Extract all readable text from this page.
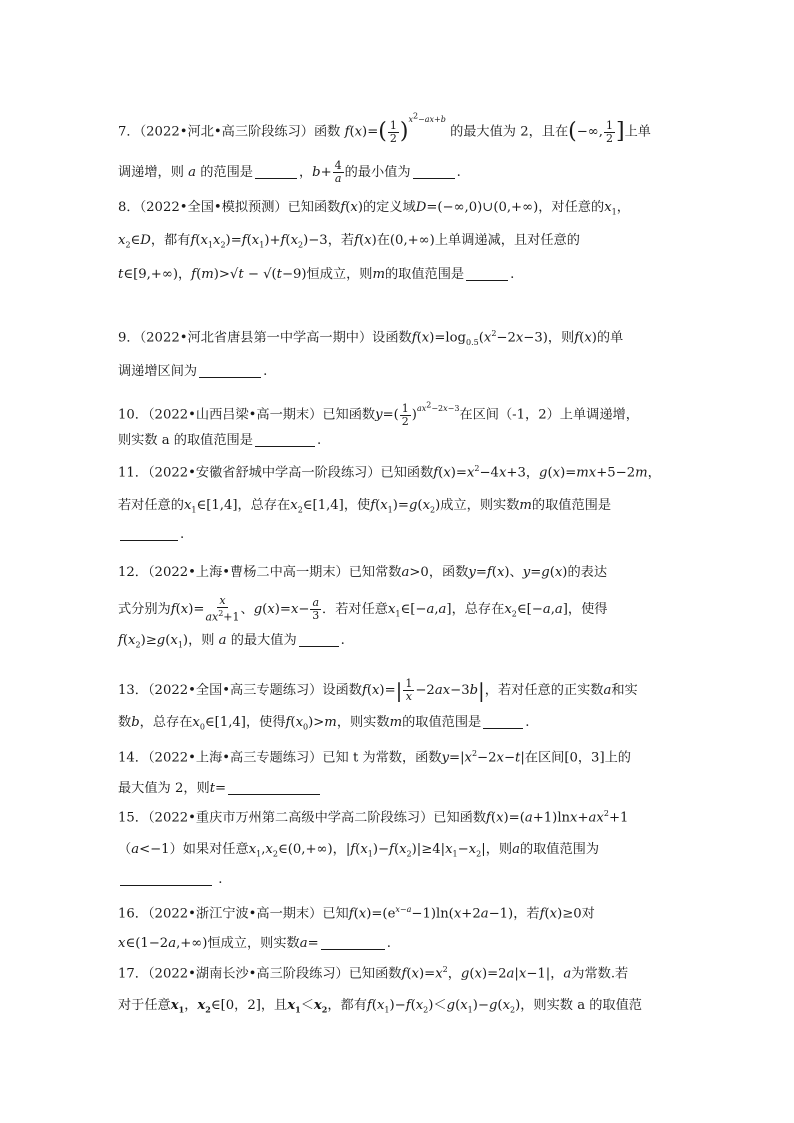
7．（2022•河北•高三阶段练习）函数 $f(x)=( \frac{1}{2} )^{x^2-ax+b}$ 的最大值为 2，且在(−∞, $\frac{1}{2}$ ]上单
调递增，则 a 的范围是	，$b+ \frac{4}{a}$ 的最小值为	.
8．（2022•全国•模拟预测）已知函数f(x)的定义域D=(−∞,0)∪(0,+∞)，对任意的$x_1$，
$x_2\in D$，都有$f(x_1x_2)=f(x_1)+f(x_2)-3$，若f(x)在(0,+∞)上单调递减，且对任意的
t∈[9,+∞)，f(m)>√t − √(t−9)恒成立，则m的取值范围是	.
9．（2022•河北省唐县第一中学高一期中）设函数$f(x)=\log_{0.5}(x^2-2x-3)$，则f(x)的单
调递增区间为	.
10．（2022•山西吕梁•高一期末）已知函数$y=( \frac{1}{2} )^{ax^2-2x-3}$在区间（-1，2）上单调递增，
则实数 a 的取值范围是	.
11．（2022•安徽省舒城中学高一阶段练习）已知函数$f(x)=x^2-4x+3$，g(x)=mx+5−2m，
若对任意的$x_1\in[1,4]$，总存在$x_2\in[1,4]$，使$f(x_1)=g(x_2)$成立，则实数m的取值范围是
.
12．（2022•上海•曹杨二中高一期末）已知常数a>0，函数y=f(x)、y=g(x)的表达
式分别为$f(x)= \frac{x}{ax^2+1}$ 、$g(x)=x- \frac{a}{3}$ ．若对任意$x_1\in[-a,a]$，总存在$x_2\in[-a,a]$，使得
$f(x_2)\ge g(x_1)$，则 a 的最大值为	.
13．（2022•全国•高三专题练习）设函数$f(x)=| \frac{1}{x} -2ax-3b|$，若对任意的正实数a和实
数b，总存在$x_0\in[1,4]$，使得$f(x_0)>m$，则实数m的取值范围是	.
14．（2022•上海•高三专题练习）已知 t 为常数，函数$y=|x^2-2x-t|$在区间[0，3]上的
最大值为 2，则t=
15．（2022•重庆市万州第二高级中学高二阶段练习）已知函数$f(x)=(a+1)\ln x+ax^2+1$
（a<−1）如果对任意$x_1,x_2\in(0,+\infty)$，$|f(x_1)-f(x_2)|\ge 4|x_1-x_2|$，则a的取值范围为
.
16．（2022•浙江宁波•高一期末）已知$f(x)=(e^{x-a}-1)\ln(x+2a-1)$，若f(x)≥0对
x∈(1−2a,+∞)恒成立，则实数a=	.
17．（2022•湖南长沙•高三阶段练习）已知函数$f(x)=x^2$，g(x)=2a|x−1|，a为常数.若
对于任意$x_1$，$x_2\in[0$，2]，且$x_1<x_2$，都有$f(x_1)-f(x_2)<g(x_1)-g(x_2)$，则实数 a 的取值范
